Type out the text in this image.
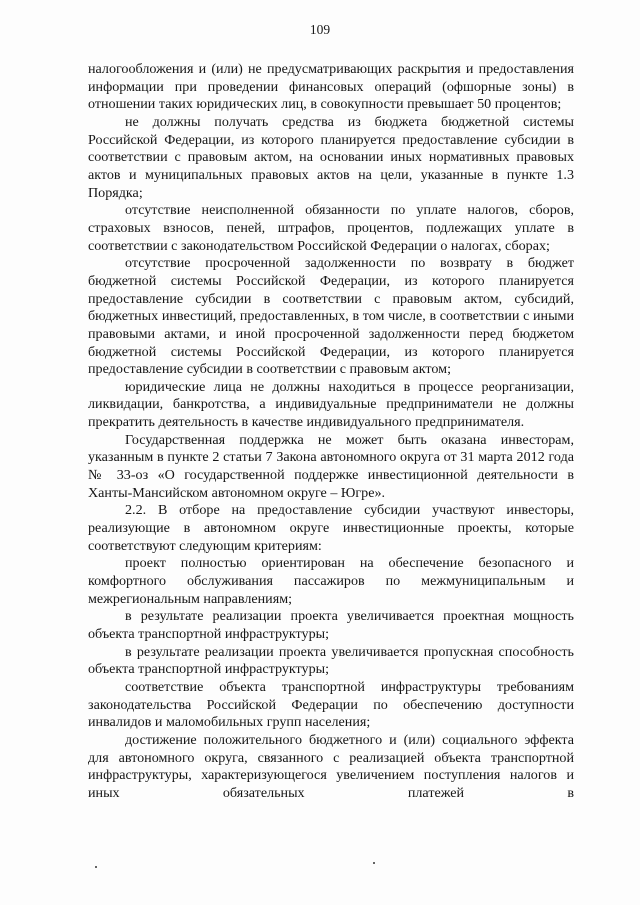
109

налогообложения и (или) не предусматривающих раскрытия и предоставления информации при проведении финансовых операций (офшорные зоны) в отношении таких юридических лиц, в совокупности превышает 50 процентов;

не должны получать средства из бюджета бюджетной системы Российской Федерации, из которого планируется предоставление субсидии в соответствии с правовым актом, на основании иных нормативных правовых актов и муниципальных правовых актов на цели, указанные в пункте 1.3 Порядка;

отсутствие неисполненной обязанности по уплате налогов, сборов, страховых взносов, пеней, штрафов, процентов, подлежащих уплате в соответствии с законодательством Российской Федерации о налогах, сборах;

отсутствие просроченной задолженности по возврату в бюджет бюджетной системы Российской Федерации, из которого планируется предоставление субсидии в соответствии с правовым актом, субсидий, бюджетных инвестиций, предоставленных, в том числе, в соответствии с иными правовыми актами, и иной просроченной задолженности перед бюджетом бюджетной системы Российской Федерации, из которого планируется предоставление субсидии в соответствии с правовым актом;

юридические лица не должны находиться в процессе реорганизации, ликвидации, банкротства, а индивидуальные предприниматели не должны прекратить деятельность в качестве индивидуального предпринимателя.

Государственная поддержка не может быть оказана инвесторам, указанным в пункте 2 статьи 7 Закона автономного округа от 31 марта 2012 года № 33-оз «О государственной поддержке инвестиционной деятельности в Ханты-Мансийском автономном округе – Югре».

2.2. В отборе на предоставление субсидии участвуют инвесторы, реализующие в автономном округе инвестиционные проекты, которые соответствуют следующим критериям:

проект полностью ориентирован на обеспечение безопасного и комфортного обслуживания пассажиров по межмуниципальным и межрегиональным направлениям;

в результате реализации проекта увеличивается проектная мощность объекта транспортной инфраструктуры;

в результате реализации проекта увеличивается пропускная способность объекта транспортной инфраструктуры;

соответствие объекта транспортной инфраструктуры требованиям законодательства Российской Федерации по обеспечению доступности инвалидов и маломобильных групп населения;

достижение положительного бюджетного и (или) социального эффекта для автономного округа, связанного с реализацией объекта транспортной инфраструктуры, характеризующегося увеличением поступления налогов и иных обязательных платежей в
